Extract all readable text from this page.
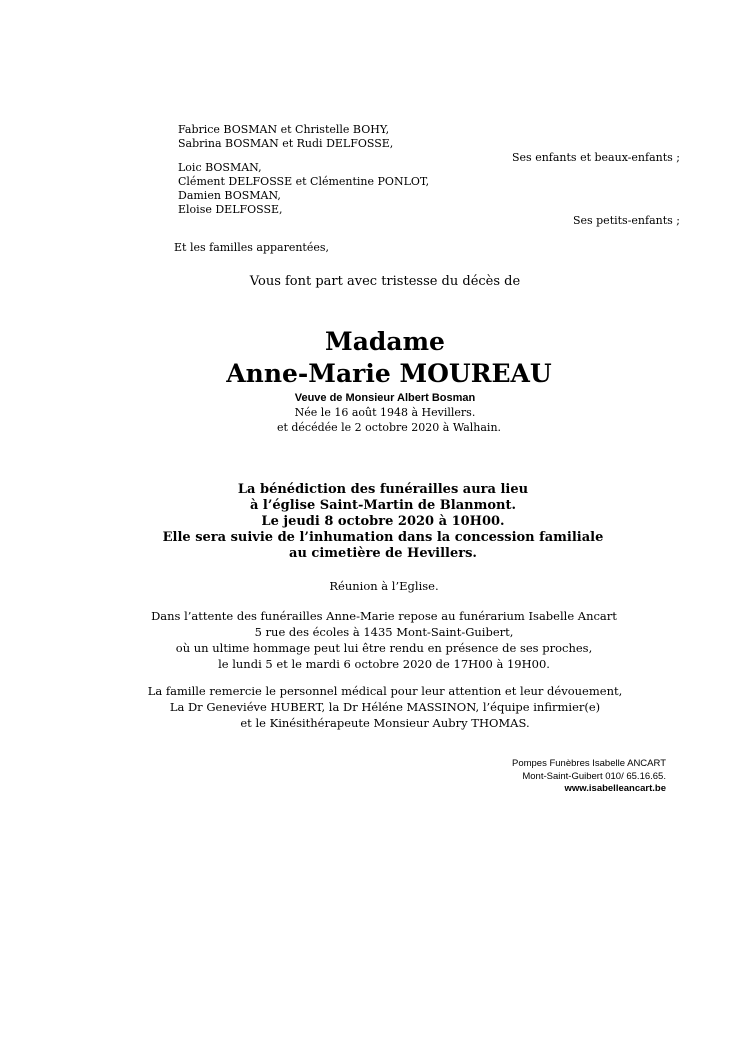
Fabrice BOSMAN et Christelle BOHY,
Sabrina BOSMAN et Rudi DELFOSSE,
Ses enfants et beaux-enfants ;
Loic BOSMAN,
Clément DELFOSSE et Clémentine PONLOT,
Damien BOSMAN,
Eloise DELFOSSE,
Ses petits-enfants ;
Et les familles apparentées,
Vous font part avec tristesse du décès de
Madame
Anne-Marie MOUREAU
Veuve de Monsieur Albert Bosman
Née le 16 août 1948 à Hevillers.
et décédée le 2 octobre 2020 à Walhain.
La bénédiction des funérailles aura lieu
à l’église Saint-Martin de Blanmont.
Le jeudi 8 octobre 2020 à 10H00.
Elle sera suivie de l’inhumation dans la concession familiale
au cimetière de Hevillers.
Réunion à l’Eglise.
Dans l’attente des funérailles Anne-Marie repose au funérarium Isabelle Ancart
5 rue des écoles à 1435 Mont-Saint-Guibert,
où un ultime hommage peut lui être rendu en présence de ses proches,
le lundi 5 et le mardi 6 octobre 2020 de 17H00 à 19H00.
La famille remercie le personnel médical pour leur attention et leur dévouement,
La Dr Geneviéve HUBERT, la Dr Héléne MASSINON, l’équipe infirmier(e)
et le Kinésithérapeute Monsieur Aubry THOMAS.
Pompes Funèbres Isabelle ANCART
Mont-Saint-Guibert 010/ 65.16.65.
www.isabelleancart.be
